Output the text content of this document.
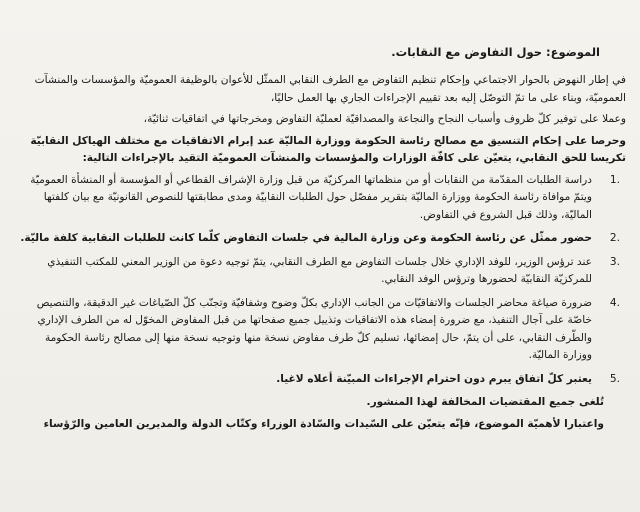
الموضوع: حول التفاوض مع النقابات.

في إطار النهوض بالحوار الاجتماعي وإحكام تنظيم التفاوض مع الطرف النقابي الممثّل للأعوان بالوظيفة العموميّة والمؤسسات والمنشآت العموميّة، وبناء على ما تمّ التوصّل إليه بعد تقييم الإجراءات الجاري بها العمل حاليًا،

وعملا على توفير كلّ ظروف وأسباب النجاح والنجاعة والمصداقيّة لعمليّة التفاوض ومخرجاتها في اتفاقيات ثنائيّة،

وحرصا على إحكام التنسيق مع مصالح رئاسة الحكومة ووزارة الماليّة عند إبرام الاتفاقيات مع مختلف الهياكل النقابيّة تكريسا للحق النقابي، يتعيّن على كافّة الوزارات والمؤسسات والمنشآت العموميّة التقيد بالإجراءات التالية:

1.
دراسة الطلبات المقدّمة من النقابات أو من منظماتها المركزيّة من قبل وزارة الإشراف القطاعي أو المؤسسة أو المنشأة العموميّة ويتمّ موافاة رئاسة الحكومة ووزارة الماليّة بتقرير مفصّل حول الطلبات النقابيّة ومدى مطابقتها للنصوص القانونيّة مع بيان كلفتها الماليّة، وذلك قبل الشروع في التفاوض.
2.
حضور ممثّل عن رئاسة الحكومة وعن وزارة المالية في جلسات التفاوض كلّما كانت للطلبات النقابية كلفة ماليّة.
3.
عند ترؤس الوزير، للوفد الإداري خلال جلسات التفاوض مع الطرف النقابي، يتمّ توجيه دعوة من الوزير المعني للمكتب التنفيذي للمركزيّة النقابيّة لحضورها وترؤس الوفد النقابي.
4.
ضرورة صياغة محاضر الجلسات والاتفاقيّات من الجانب الإداري بكلّ وضوح وشفافيّة وتجنّب كلّ الصّياغات غير الدقيقة، والتنصيص خاصّة على آجال التنفيذ، مع ضرورة إمضاء هذه الاتفاقيات وتذييل جميع صفحاتها من قبل المفاوض المخوّل له من الطرف الإداري والطّرف النقابي، على أن يتمّ، حال إمضائها، تسليم كلّ طرف مفاوض نسخة منها وتوجيه نسخة منها إلى مصالح رئاسة الحكومة ووزارة الماليّة.
5.
يعتبر كلّ اتفاق يبرم دون احترام الإجراءات المبيّنة أعلاه لاغيا.

تُلغى جميع المقتضيات المخالفة لهذا المنشور.

واعتبارا لأهميّة الموضوع، فإنّه يتعيّن على السّيدات والسّادة الوزراء وكتّاب الدولة والمديرين العامين والرّؤساء
